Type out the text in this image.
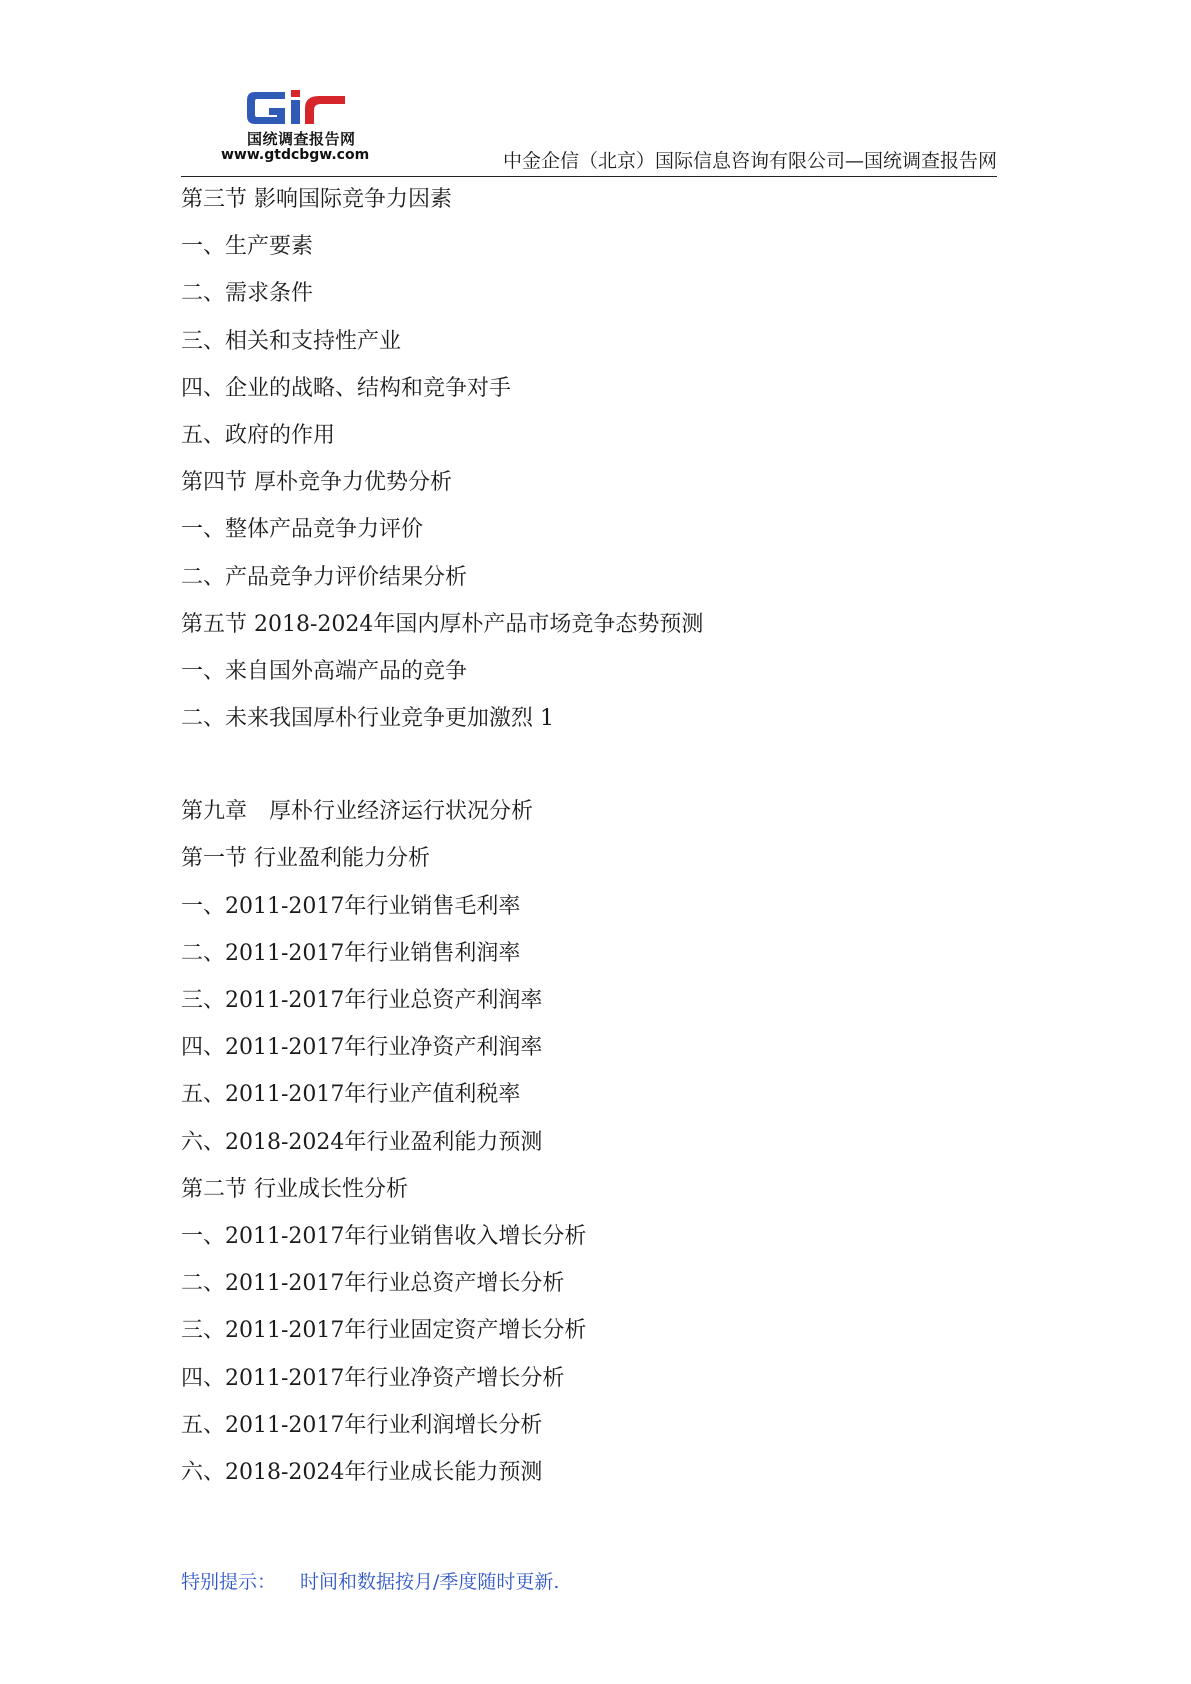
国统调查报告网
www.gtdcbgw.com	中金企信（北京）国际信息咨询有限公司—国统调查报告网
第三节 影响国际竞争力因素
一、生产要素
二、需求条件
三、相关和支持性产业
四、企业的战略、结构和竞争对手
五、政府的作用
第四节 厚朴竞争力优势分析
一、整体产品竞争力评价
二、产品竞争力评价结果分析
第五节 2018-2024年国内厚朴产品市场竞争态势预测
一、来自国外高端产品的竞争
二、未来我国厚朴行业竞争更加激烈 1
第九章　厚朴行业经济运行状况分析
第一节 行业盈利能力分析
一、2011-2017年行业销售毛利率
二、2011-2017年行业销售利润率
三、2011-2017年行业总资产利润率
四、2011-2017年行业净资产利润率
五、2011-2017年行业产值利税率
六、2018-2024年行业盈利能力预测
第二节 行业成长性分析
一、2011-2017年行业销售收入增长分析
二、2011-2017年行业总资产增长分析
三、2011-2017年行业固定资产增长分析
四、2011-2017年行业净资产增长分析
五、2011-2017年行业利润增长分析
六、2018-2024年行业成长能力预测
特别提示： 时间和数据按月/季度随时更新.
